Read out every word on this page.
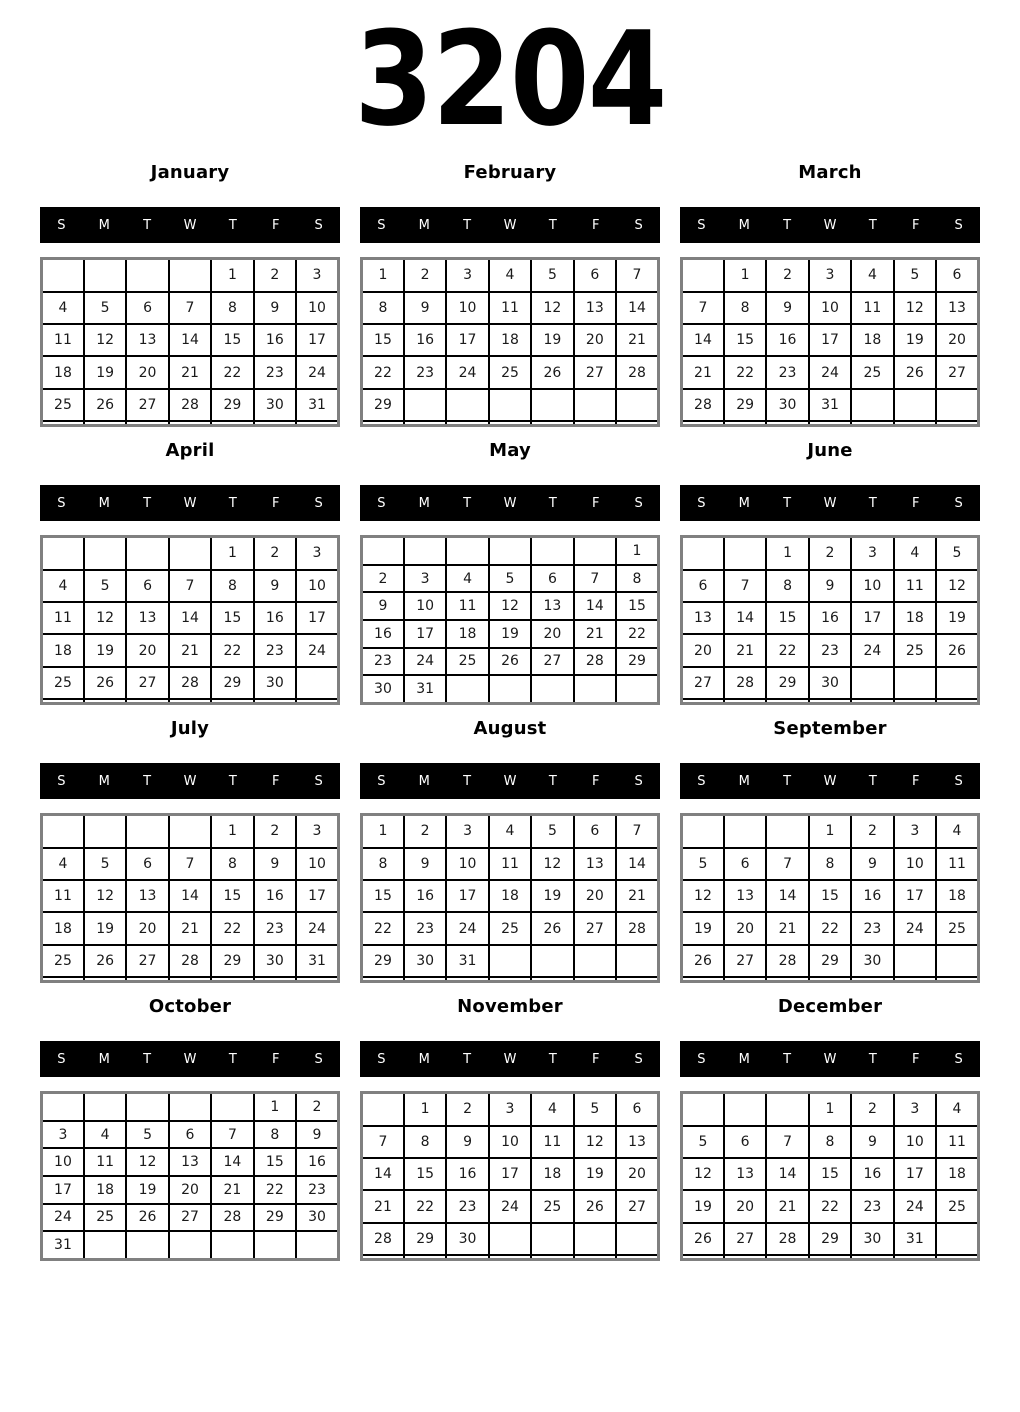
3204
January
S	M	T	W	T	F	S
				1	2	3
4	5	6	7	8	9	10
11	12	13	14	15	16	17
18	19	20	21	22	23	24
25	26	27	28	29	30	31

February
S	M	T	W	T	F	S
1	2	3	4	5	6	7
8	9	10	11	12	13	14
15	16	17	18	19	20	21
22	23	24	25	26	27	28
29						

March
S	M	T	W	T	F	S
	1	2	3	4	5	6
7	8	9	10	11	12	13
14	15	16	17	18	19	20
21	22	23	24	25	26	27
28	29	30	31			

April
S	M	T	W	T	F	S
				1	2	3
4	5	6	7	8	9	10
11	12	13	14	15	16	17
18	19	20	21	22	23	24
25	26	27	28	29	30	

May
S	M	T	W	T	F	S
						1
2	3	4	5	6	7	8
9	10	11	12	13	14	15
16	17	18	19	20	21	22
23	24	25	26	27	28	29
30	31					
June
S	M	T	W	T	F	S
		1	2	3	4	5
6	7	8	9	10	11	12
13	14	15	16	17	18	19
20	21	22	23	24	25	26
27	28	29	30			

July
S	M	T	W	T	F	S
				1	2	3
4	5	6	7	8	9	10
11	12	13	14	15	16	17
18	19	20	21	22	23	24
25	26	27	28	29	30	31

August
S	M	T	W	T	F	S
1	2	3	4	5	6	7
8	9	10	11	12	13	14
15	16	17	18	19	20	21
22	23	24	25	26	27	28
29	30	31				

September
S	M	T	W	T	F	S
			1	2	3	4
5	6	7	8	9	10	11
12	13	14	15	16	17	18
19	20	21	22	23	24	25
26	27	28	29	30		

October
S	M	T	W	T	F	S
					1	2
3	4	5	6	7	8	9
10	11	12	13	14	15	16
17	18	19	20	21	22	23
24	25	26	27	28	29	30
31						
November
S	M	T	W	T	F	S
	1	2	3	4	5	6
7	8	9	10	11	12	13
14	15	16	17	18	19	20
21	22	23	24	25	26	27
28	29	30				

December
S	M	T	W	T	F	S
			1	2	3	4
5	6	7	8	9	10	11
12	13	14	15	16	17	18
19	20	21	22	23	24	25
26	27	28	29	30	31	
